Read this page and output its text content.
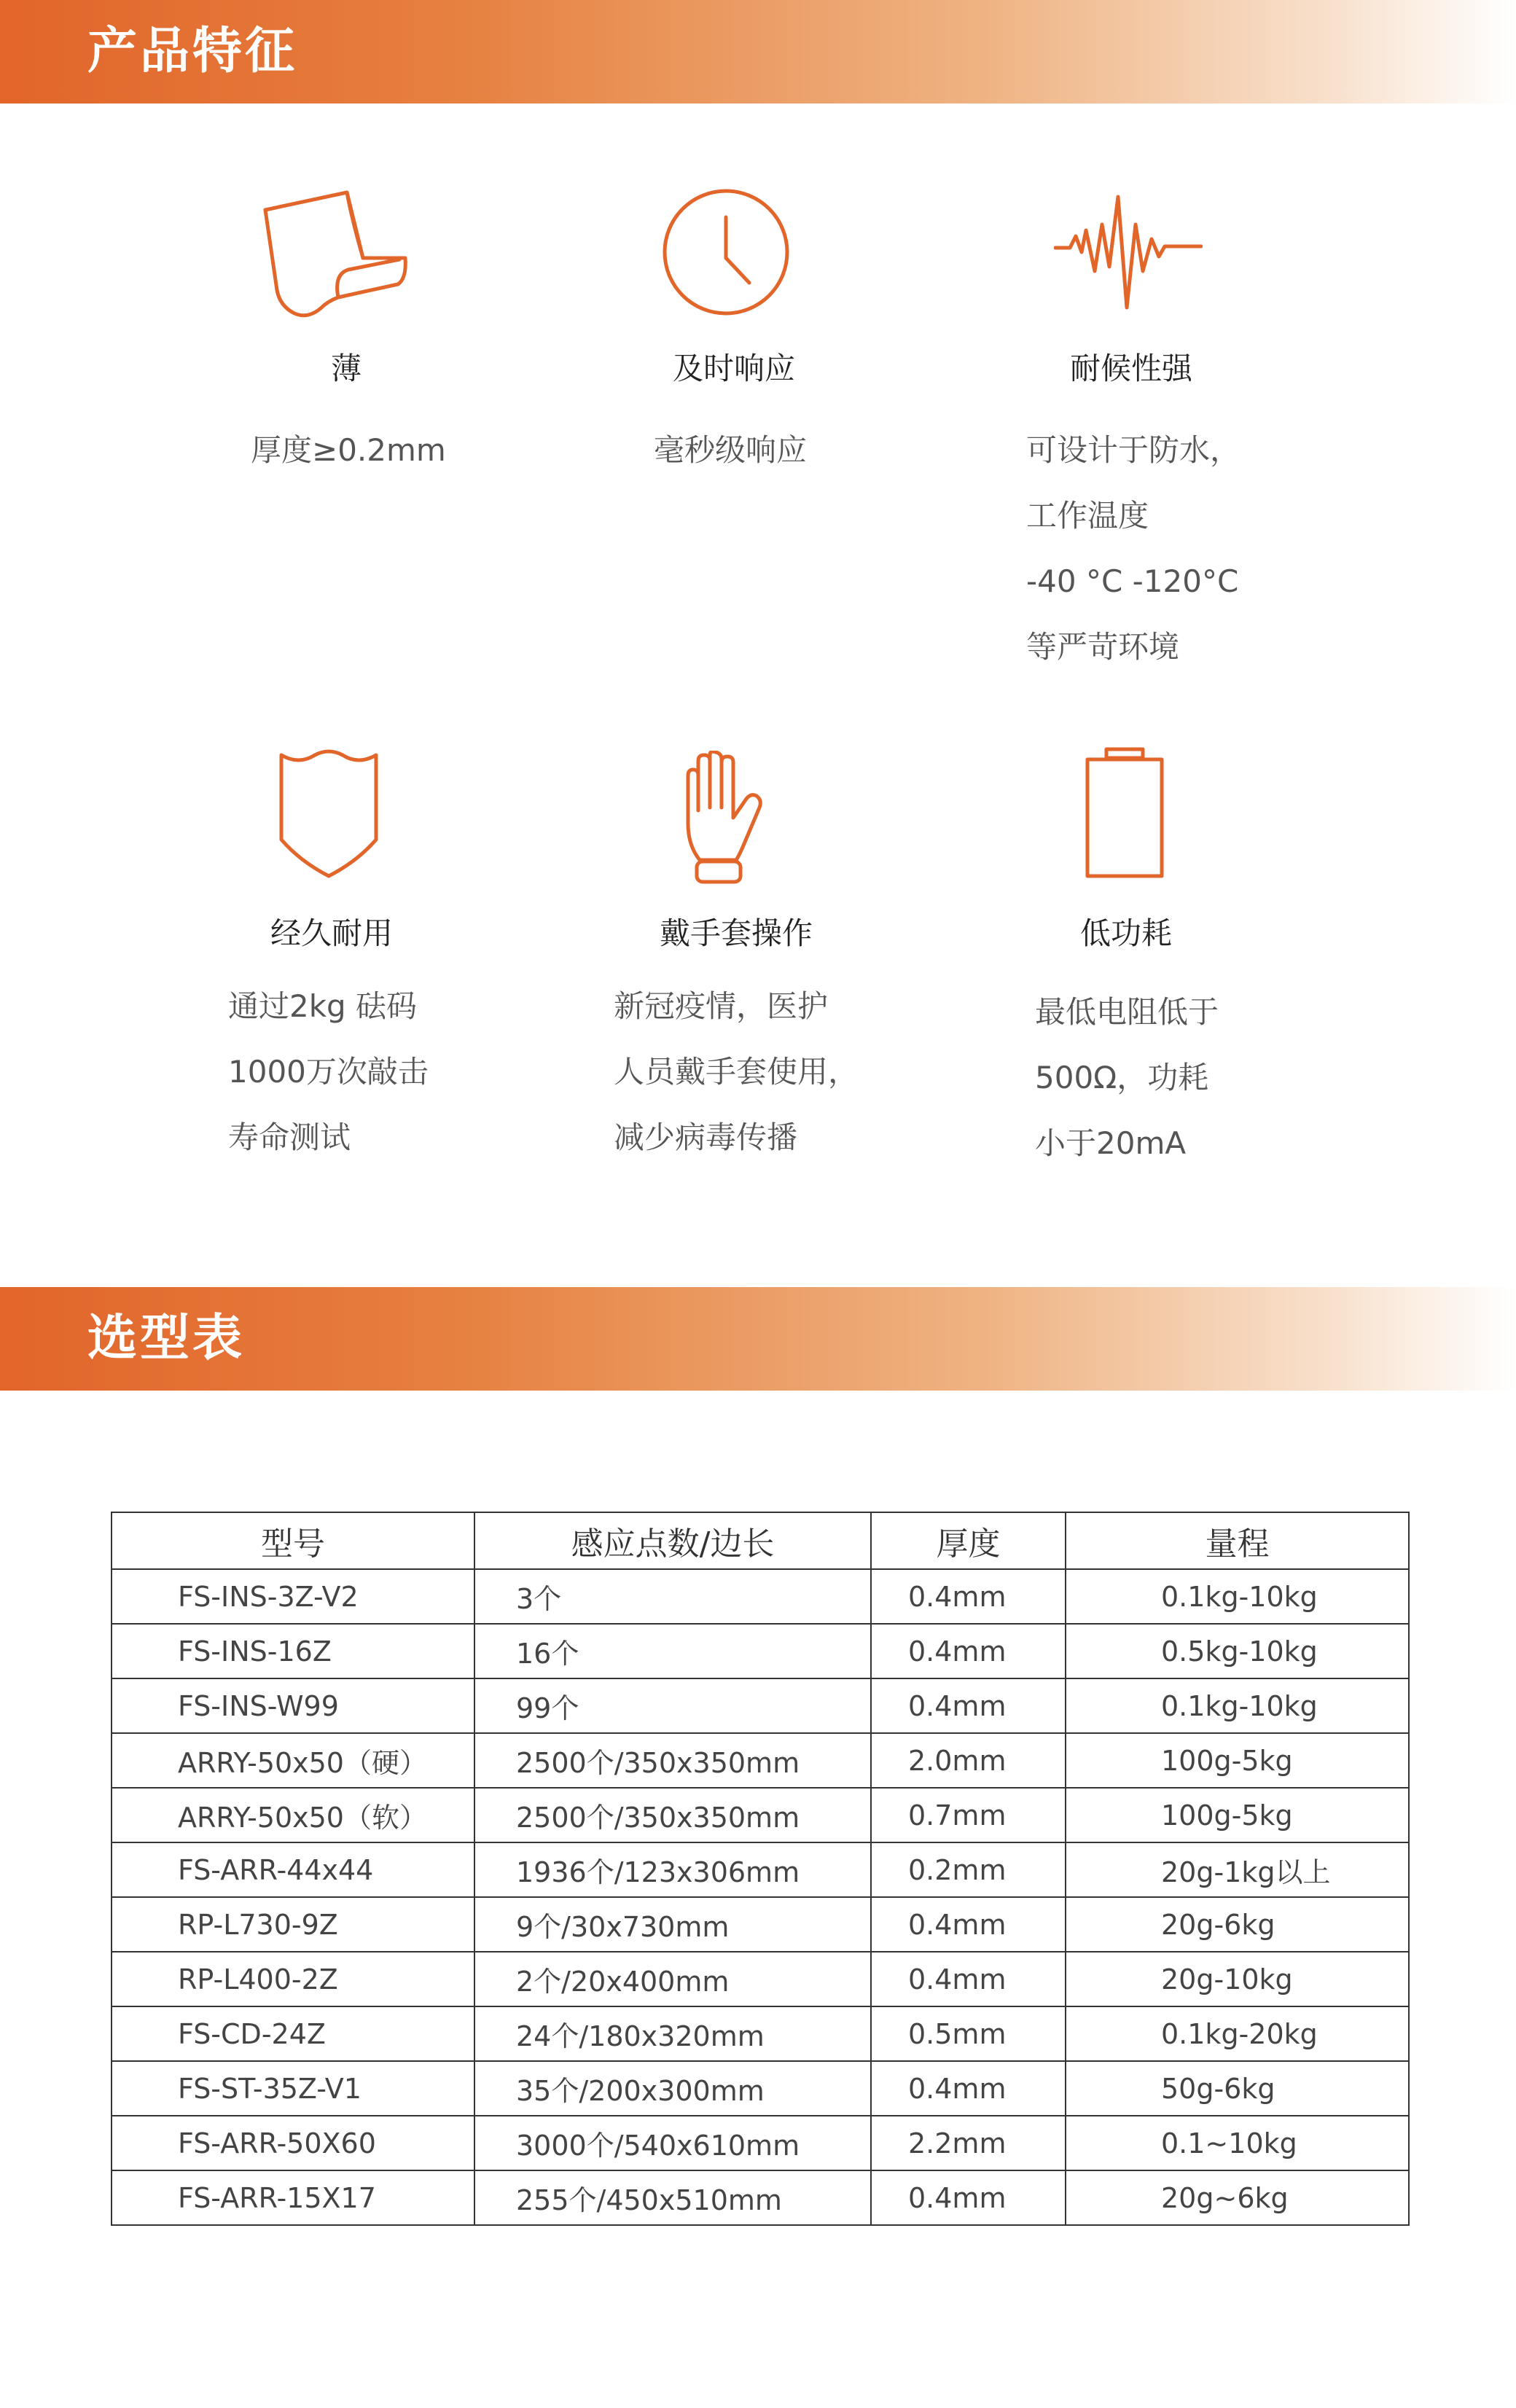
产品特征
薄
厚度≥0.2mm
及时响应
毫秒级响应
耐候性强
可设计于防水，
工作温度
-40 °C -120°C
等严苛环境
经久耐用
通过2kg 砝码
1000万次敲击
寿命测试
戴手套操作
新冠疫情，医护
人员戴手套使用，
减少病毒传播
低功耗
最低电阻低于
500Ω，功耗
小于20mA
选型表
型号	感应点数/边长	厚度	量程
FS-INS-3Z-V2	3个	0.4mm	0.1kg-10kg
FS-INS-16Z	16个	0.4mm	0.5kg-10kg
FS-INS-W99	99个	0.4mm	0.1kg-10kg
ARRY-50x50（硬）	2500个/350x350mm	2.0mm	100g-5kg
ARRY-50x50（软）	2500个/350x350mm	0.7mm	100g-5kg
FS-ARR-44x44	1936个/123x306mm	0.2mm	20g-1kg以上
RP-L730-9Z	9个/30x730mm	0.4mm	20g-6kg
RP-L400-2Z	2个/20x400mm	0.4mm	20g-10kg
FS-CD-24Z	24个/180x320mm	0.5mm	0.1kg-20kg
FS-ST-35Z-V1	35个/200x300mm	0.4mm	50g-6kg
FS-ARR-50X60	3000个/540x610mm	2.2mm	0.1~10kg
FS-ARR-15X17	255个/450x510mm	0.4mm	20g~6kg
